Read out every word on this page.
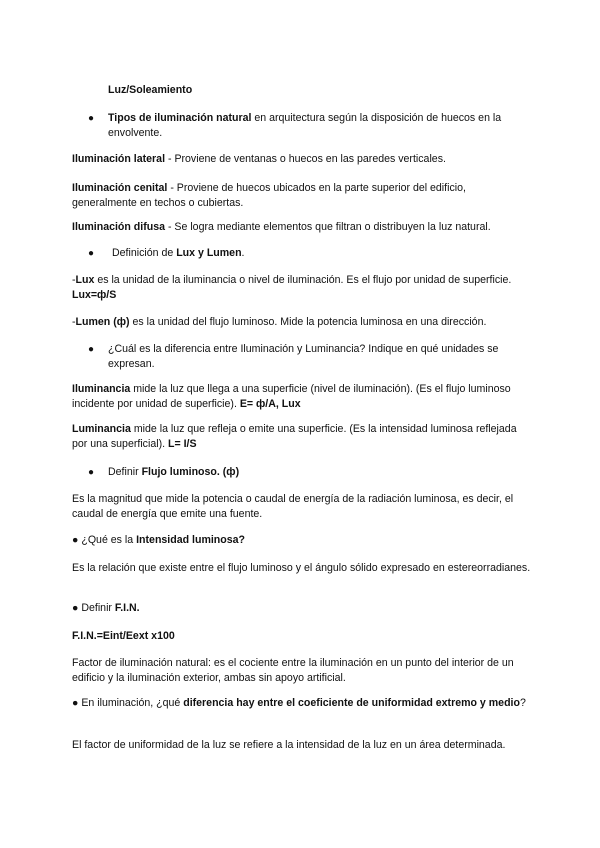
Luz/Soleamiento

● Tipos de iluminación natural en arquitectura según la disposición de huecos en la envolvente.

Iluminación lateral - Proviene de ventanas o huecos en las paredes verticales.

Iluminación cenital - Proviene de huecos ubicados en la parte superior del edificio, generalmente en techos o cubiertas.

Iluminación difusa - Se logra mediante elementos que filtran o distribuyen la luz natural.

● Definición de Lux y Lumen.

-Lux es la unidad de la iluminancia o nivel de iluminación. Es el flujo por unidad de superficie. Lux=ф/S

-Lumen (ф) es la unidad del flujo luminoso. Mide la potencia luminosa en una dirección.

● ¿Cuál es la diferencia entre Iluminación y Luminancia? Indique en qué unidades se expresan.

Iluminancia mide la luz que llega a una superficie (nivel de iluminación). (Es el flujo luminoso incidente por unidad de superficie). E= ф/A, Lux

Luminancia mide la luz que refleja o emite una superficie. (Es la intensidad luminosa reflejada por una superficial). L= I/S

● Definir Flujo luminoso. (ф)

Es la magnitud que mide la potencia o caudal de energía de la radiación luminosa, es decir, el caudal de energía que emite una fuente.

● ¿Qué es la Intensidad luminosa?

Es la relación que existe entre el flujo luminoso y el ángulo sólido expresado en estereorradianes.

● Definir F.I.N.

F.I.N.=Eint/Eext x100

Factor de iluminación natural: es el cociente entre la iluminación en un punto del interior de un edificio y la iluminación exterior, ambas sin apoyo artificial.

● En iluminación, ¿qué diferencia hay entre el coeficiente de uniformidad extremo y medio?

El factor de uniformidad de la luz se refiere a la intensidad de la luz en un área determinada.
